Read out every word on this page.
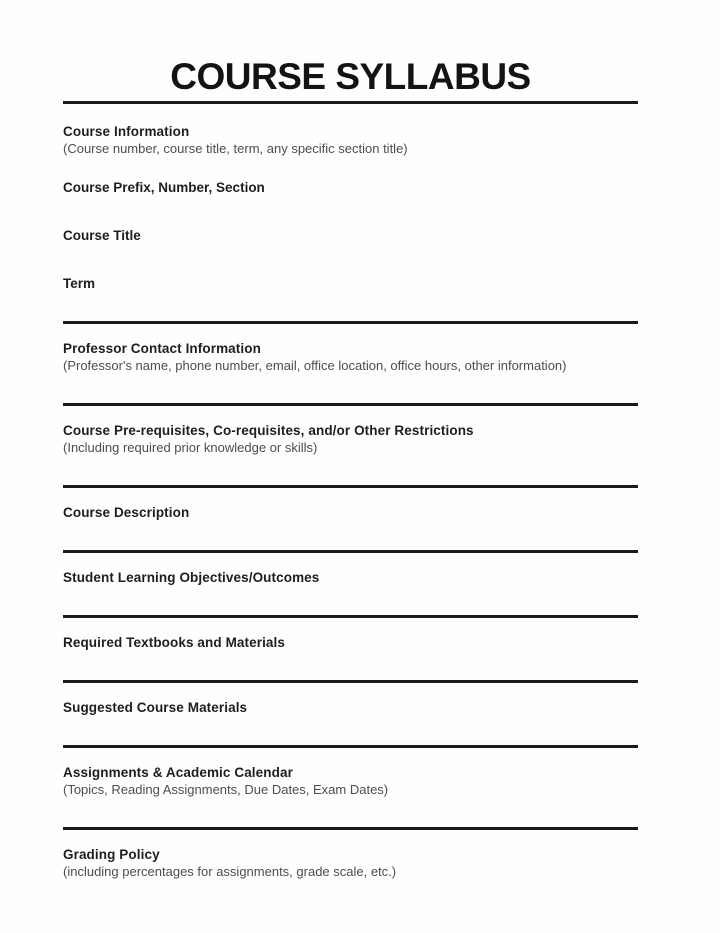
COURSE SYLLABUS
Course Information
(Course number, course title, term, any specific section title)
Course Prefix, Number, Section
Course Title
Term
Professor Contact Information
(Professor's name, phone number, email, office location, office hours, other information)
Course Pre-requisites, Co-requisites, and/or Other Restrictions
(Including required prior knowledge or skills)
Course Description
Student Learning Objectives/Outcomes
Required Textbooks and Materials
Suggested Course Materials
Assignments & Academic Calendar
(Topics, Reading Assignments, Due Dates, Exam Dates)
Grading Policy
(including percentages for assignments, grade scale, etc.)
